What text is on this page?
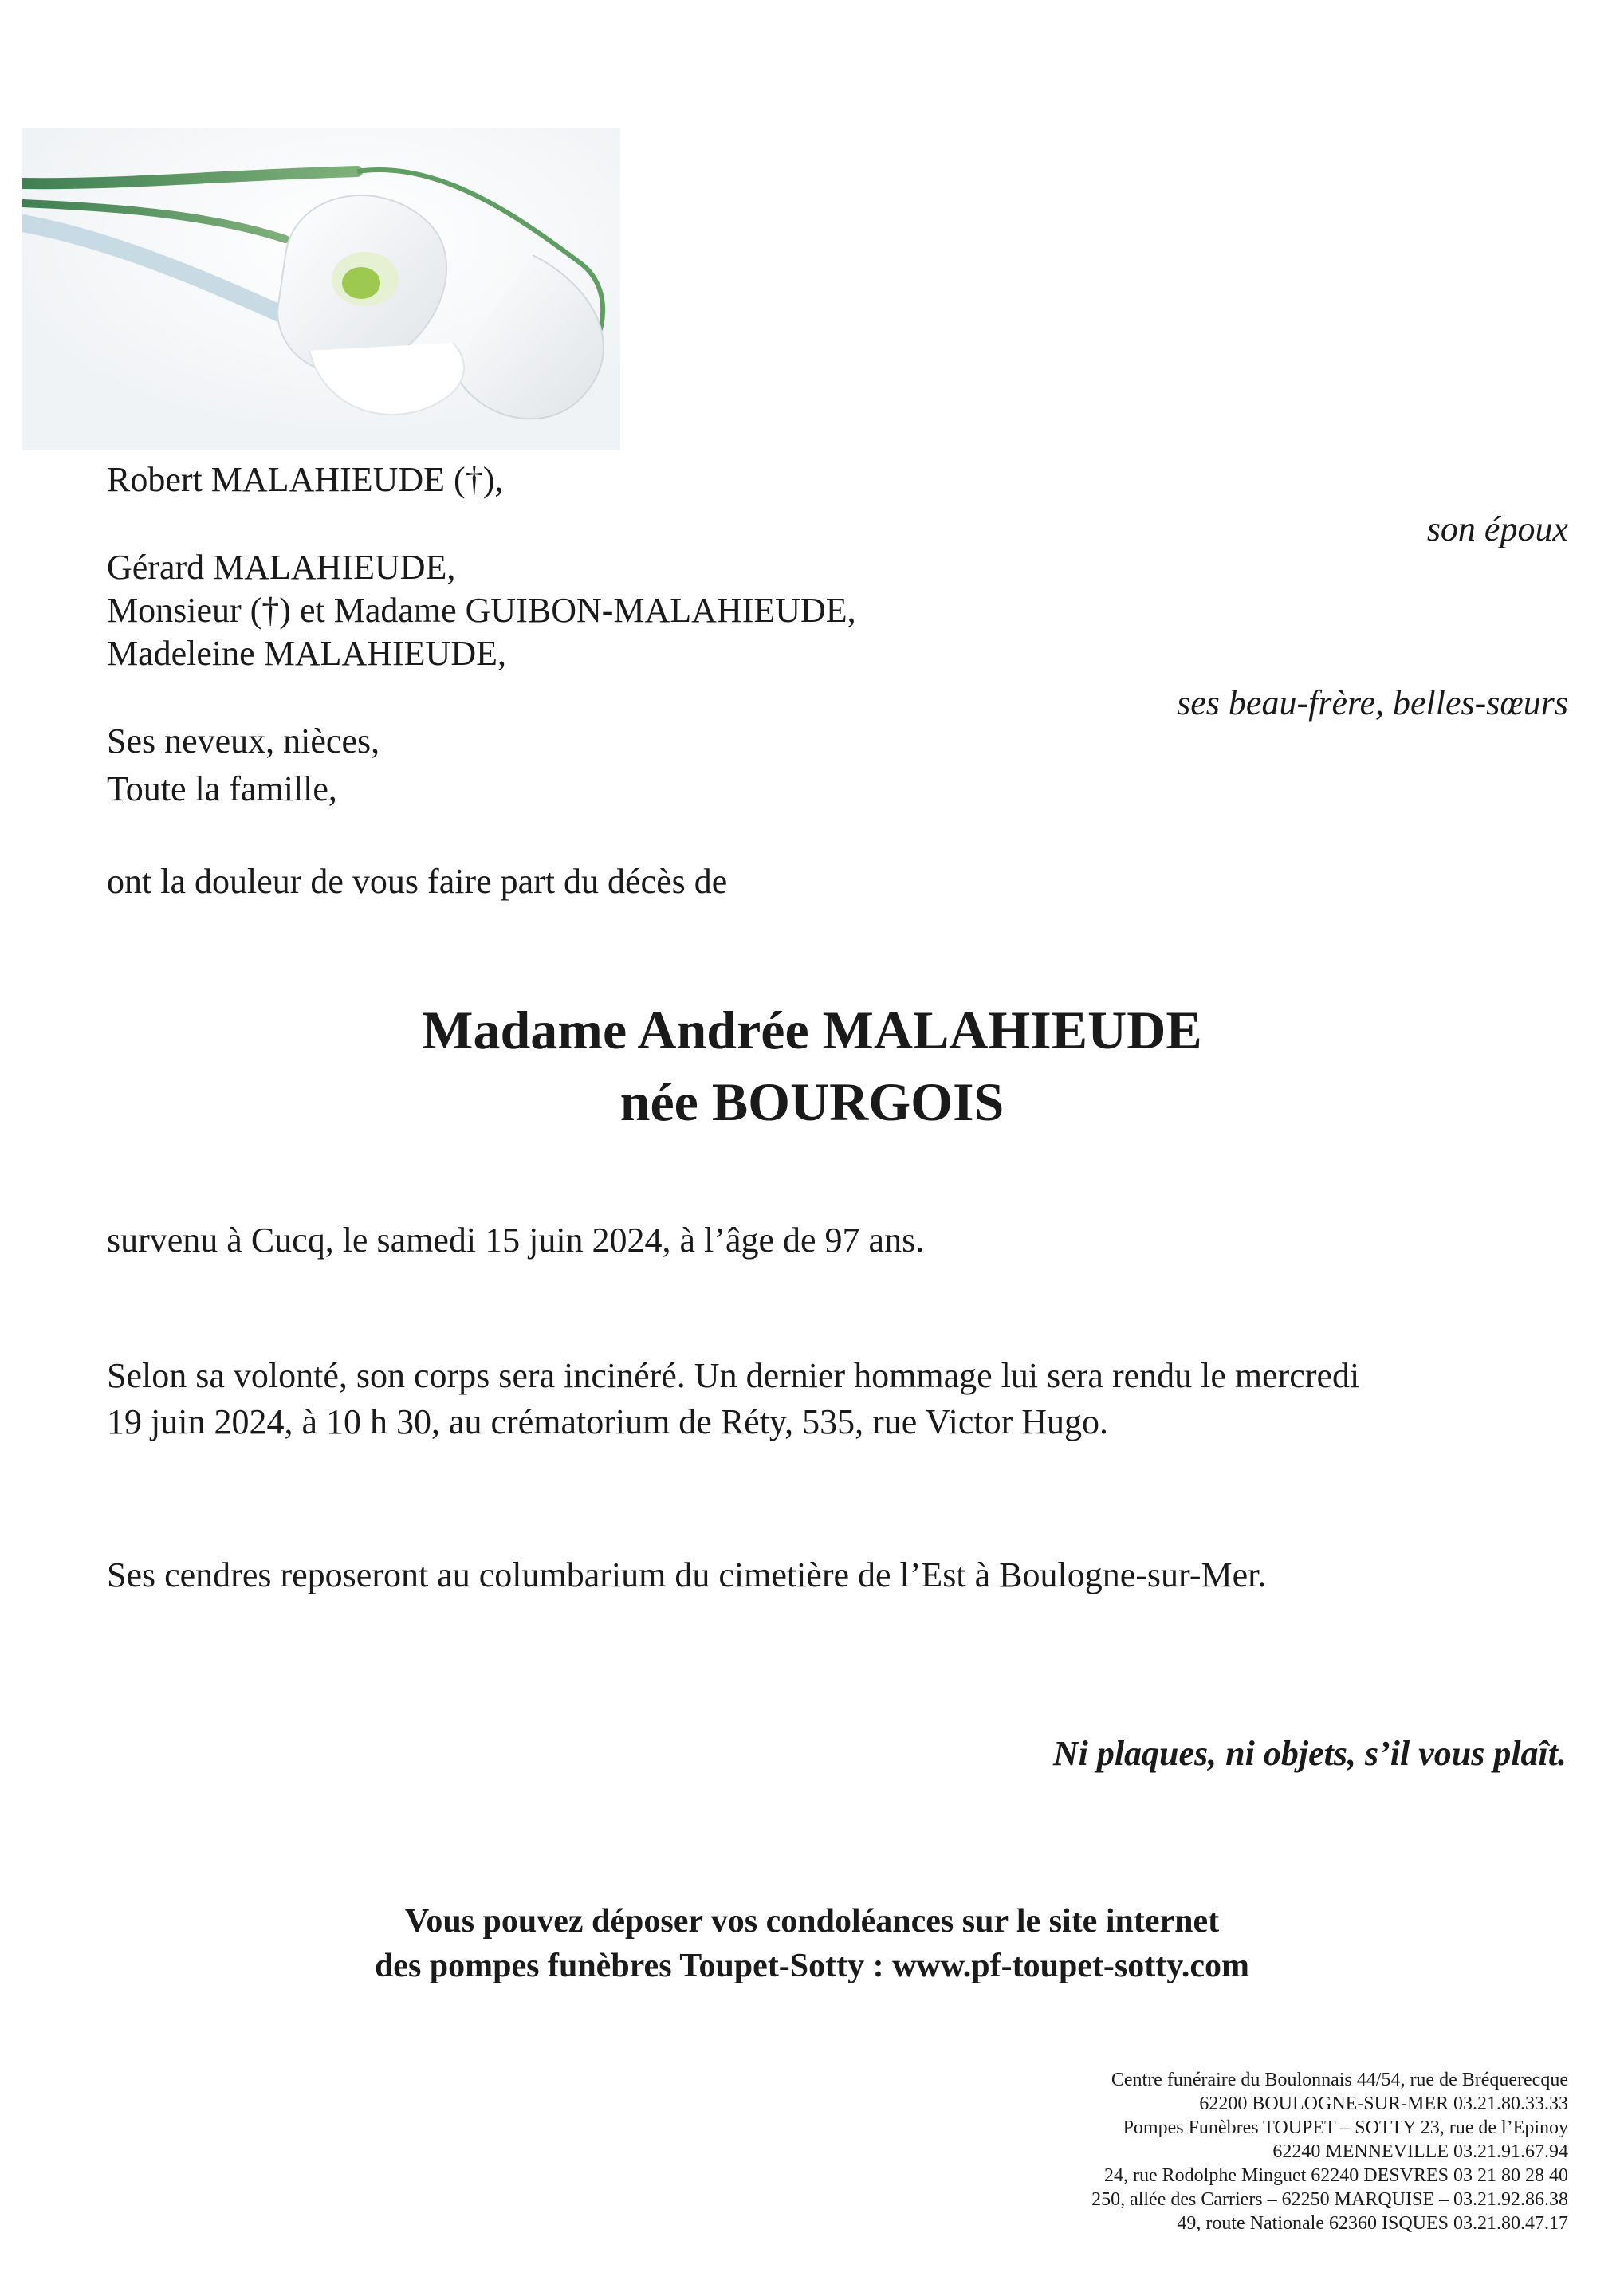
Robert MALAHIEUDE (†),
son époux
Gérard MALAHIEUDE,
Monsieur (†) et Madame GUIBON-MALAHIEUDE,
Madeleine MALAHIEUDE,
ses beau-frère, belles-sœurs
Ses neveux, nièces,
Toute la famille,
ont la douleur de vous faire part du décès de
Madame Andrée MALAHIEUDE
née BOURGOIS
survenu à Cucq, le samedi 15 juin 2024, à l’âge de 97 ans.
Selon sa volonté, son corps sera incinéré. Un dernier hommage lui sera rendu le mercredi
19 juin 2024, à 10 h 30, au crématorium de Réty, 535, rue Victor Hugo.
Ses cendres reposeront au columbarium du cimetière de l’Est à Boulogne-sur-Mer.
Ni plaques, ni objets, s’il vous plaît.
Vous pouvez déposer vos condoléances sur le site internet
des pompes funèbres Toupet-Sotty : www.pf-toupet-sotty.com
Centre funéraire du Boulonnais 44/54, rue de Bréquerecque
62200 BOULOGNE-SUR-MER 03.21.80.33.33
Pompes Funèbres TOUPET – SOTTY 23, rue de l’Epinoy
62240 MENNEVILLE 03.21.91.67.94
24, rue Rodolphe Minguet 62240 DESVRES 03 21 80 28 40
250, allée des Carriers – 62250 MARQUISE – 03.21.92.86.38
49, route Nationale 62360 ISQUES 03.21.80.47.17
